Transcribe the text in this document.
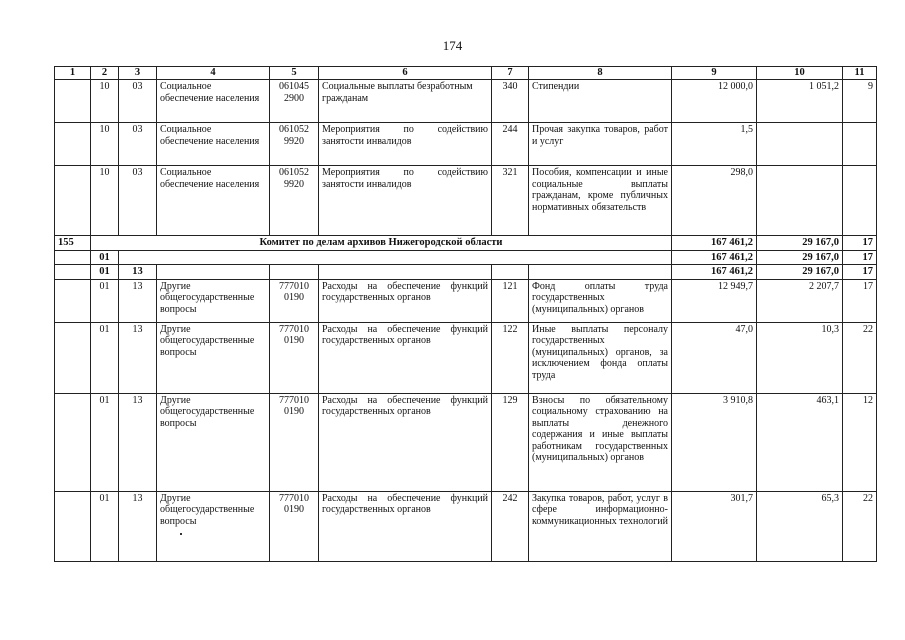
174
1	2	3	4	5	6	7	8	9	10	11
	10	03	Социальное обеспечение населения	061045 2900	Социальные выплаты безработным гражданам	340	Стипендии	12 000,0	1 051,2	9
	10	03	Социальное обеспечение населения	061052 9920	Мероприятия по содействию занятости инвалидов	244	Прочая закупка товаров, работ и услуг	1,5		
	10	03	Социальное обеспечение населения	061052 9920	Мероприятия по содействию занятости инвалидов	321	Пособия, компенсации и иные социальные выплаты гражданам, кроме публичных нормативных обязательств	298,0		
155	Комитет по делам архивов Нижегородской области							167 461,2	29 167,0	17
	01							167 461,2	29 167,0	17
	01	13						167 461,2	29 167,0	17
	01	13	Другие общегосударственные вопросы	777010 0190	Расходы на обеспечение функций государственных органов	121	Фонд оплаты труда государственных (муниципальных) органов	12 949,7	2 207,7	17
	01	13	Другие общегосударственные вопросы	777010 0190	Расходы на обеспечение функций государственных органов	122	Иные выплаты персоналу государственных (муниципальных) органов, за исключением фонда оплаты труда	47,0	10,3	22
	01	13	Другие общегосударственные вопросы	777010 0190	Расходы на обеспечение функций государственных органов	129	Взносы по обязательному социальному страхованию на выплаты денежного содержания и иные выплаты работникам государственных (муниципальных) органов	3 910,8	463,1	12
	01	13	Другие общегосударственные вопросы	777010 0190	Расходы на обеспечение функций государственных органов	242	Закупка товаров, работ, услуг в сфере информационно-коммуникационных технологий	301,7	65,3	22
